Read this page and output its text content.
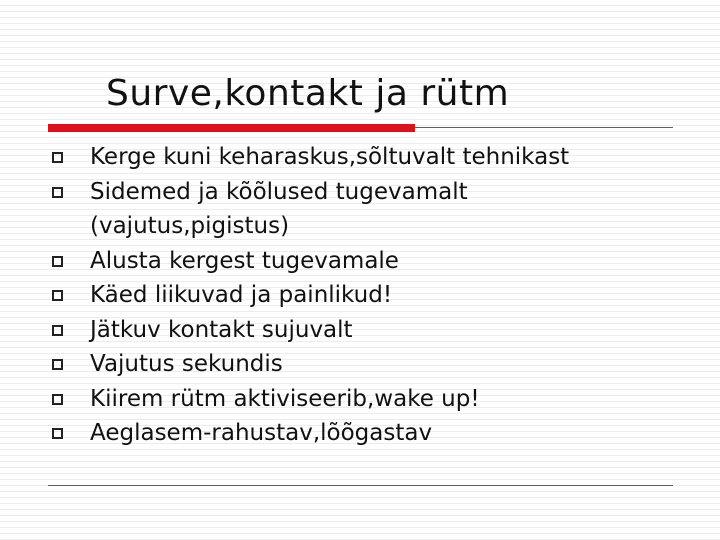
Surve,kontakt ja rütm
Kerge kuni keharaskus,sõltuvalt tehnikast
Sidemed ja kõõlused tugevamalt
(vajutus,pigistus)
Alusta kergest tugevamale
Käed liikuvad ja painlikud!
Jätkuv kontakt sujuvalt
Vajutus sekundis
Kiirem rütm aktiviseerib,wake up!
Aeglasem-rahustav,lõõgastav
